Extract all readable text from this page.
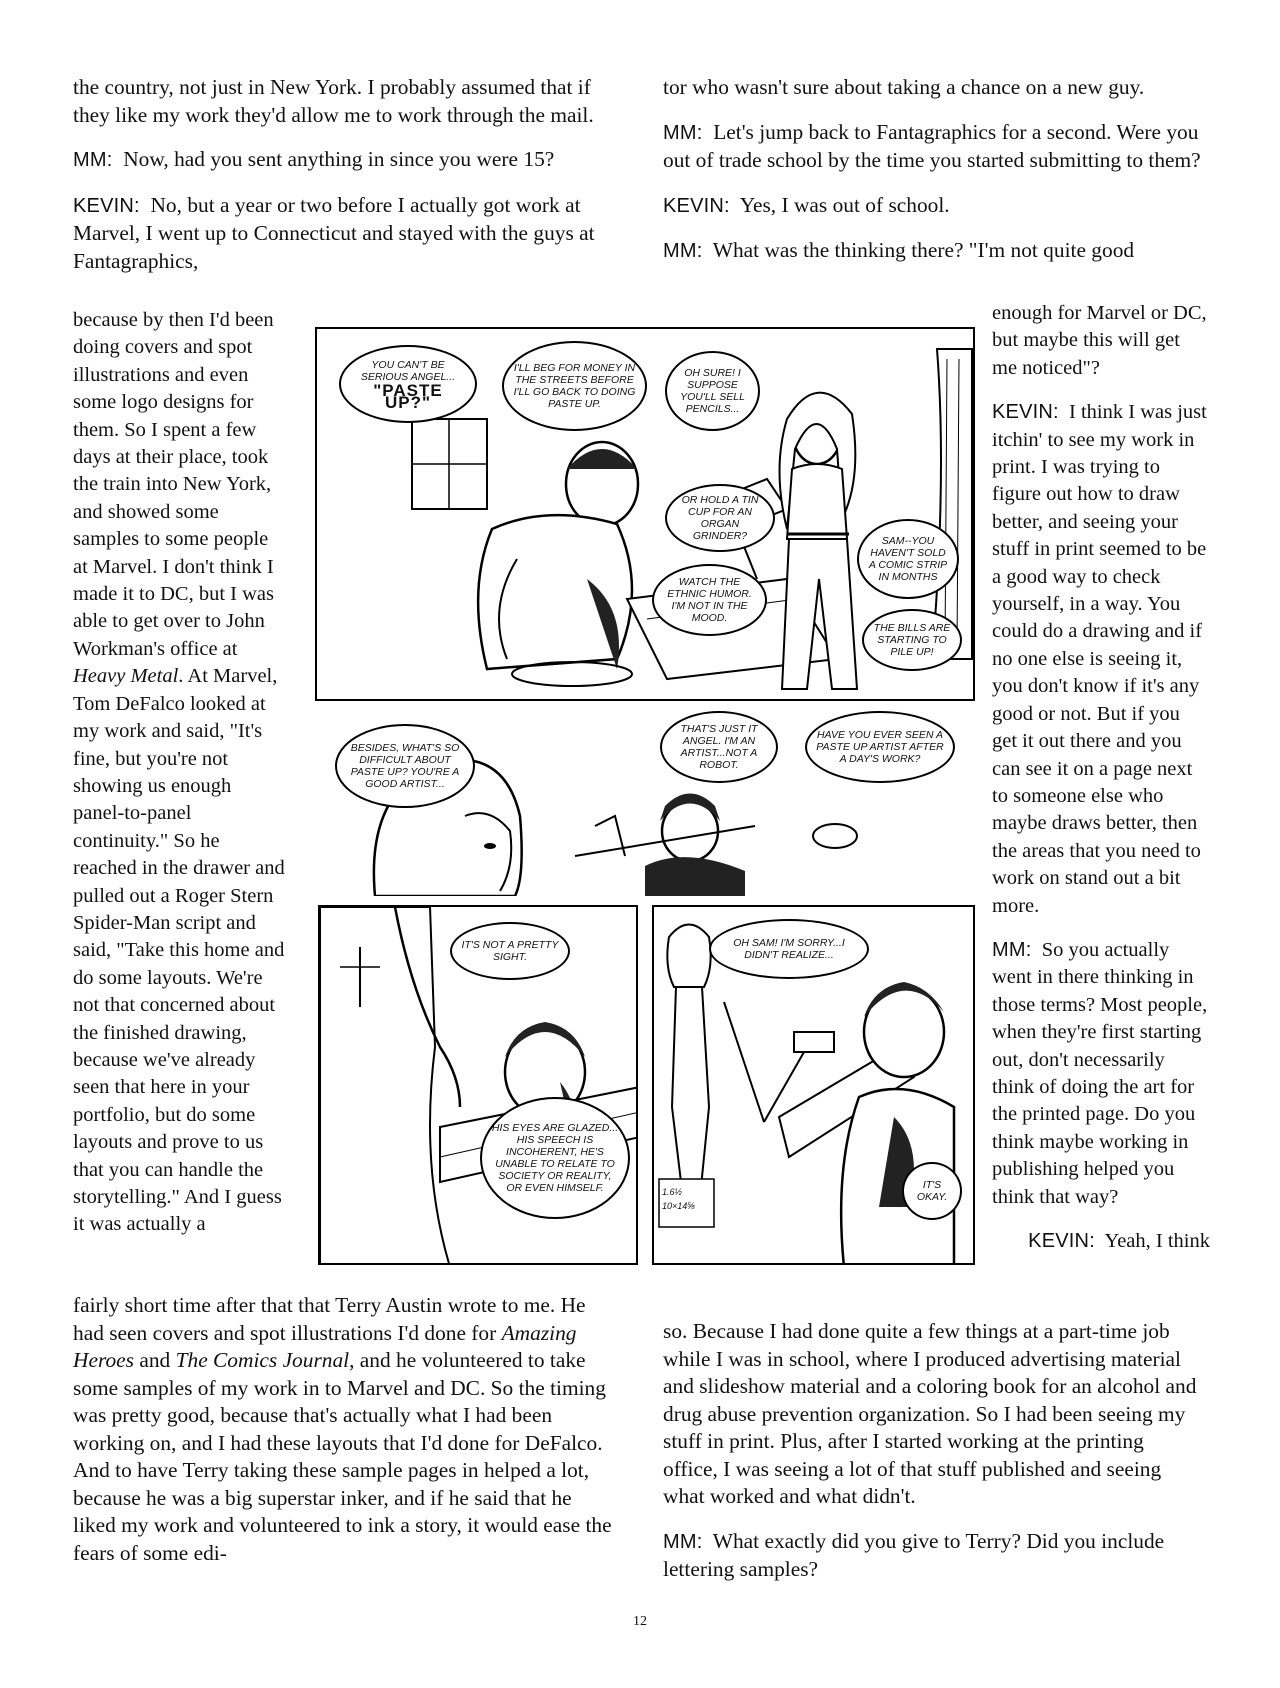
the country, not just in New York. I probably assumed that if they like my work they'd allow me to work through the mail.

MM: Now, had you sent anything in since you were 15?

KEVIN: No, but a year or two before I actually got work at Marvel, I went up to Connecticut and stayed with the guys at Fantagraphics,

because by then I'd been doing covers and spot illustrations and even some logo designs for them. So I spent a few days at their place, took the train into New York, and showed some samples to some people at Marvel. I don't think I made it to DC, but I was able to get over to John Workman's office at Heavy Metal. At Marvel, Tom DeFalco looked at my work and said, "It's fine, but you're not showing us enough panel-to-panel continuity." So he reached in the drawer and pulled out a Roger Stern Spider-Man script and said, "Take this home and do some layouts. We're not that concerned about the finished drawing, because we've already seen that here in your portfolio, but do some layouts and prove to us that you can handle the storytelling." And I guess it was actually a
fairly short time after that that Terry Austin wrote to me. He had seen covers and spot illustrations I'd done for Amazing Heroes and The Comics Journal, and he volunteered to take some samples of my work in to Marvel and DC. So the timing was pretty good, because that's actually what I had been working on, and I had these layouts that I'd done for DeFalco. And to have Terry taking these sample pages in helped a lot, because he was a big superstar inker, and if he said that he liked my work and volunteered to ink a story, it would ease the fears of some edi-

tor who wasn't sure about taking a chance on a new guy.

MM: Let's jump back to Fantagraphics for a second. Were you out of trade school by the time you started submitting to them?

KEVIN: Yes, I was out of school.

MM: What was the thinking there? "I'm not quite good

enough for Marvel or DC, but maybe this will get me noticed"?

KEVIN: I think I was just itchin' to see my work in print. I was trying to figure out how to draw better, and seeing your stuff in print seemed to be a good way to check yourself, in a way. You could do a drawing and if no one else is seeing it, you don't know if it's any good or not. But if you get it out there and you can see it on a page next to someone else who maybe draws better, then the areas that you need to work on stand out a bit more.

MM: So you actually went in there thinking in those terms? Most people, when they're first starting out, don't necessarily think of doing the art for the printed page. Do you think maybe working in publishing helped you think that way?

KEVIN: Yeah, I think

so. Because I had done quite a few things at a part-time job while I was in school, where I produced advertising material and slideshow material and a coloring book for an alcohol and drug abuse prevention organization. So I had been seeing my stuff in print. Plus, after I started working at the printing office, I was seeing a lot of that stuff published and seeing what worked and what didn't.

MM: What exactly did you give to Terry? Did you include lettering samples?

YOU CAN'T BE SERIOUS ANGEL...
"PASTE UP?"
I'LL BEG FOR MONEY IN THE STREETS BEFORE I'LL GO BACK TO DOING PASTE UP.
OH SURE! I SUPPOSE YOU'LL SELL PENCILS...
OR HOLD A TIN CUP FOR AN ORGAN GRINDER?
WATCH THE ETHNIC HUMOR. I'M NOT IN THE MOOD.
SAM--YOU HAVEN'T SOLD A COMIC STRIP IN MONTHS
THE BILLS ARE STARTING TO PILE UP!
BESIDES, WHAT'S SO DIFFICULT ABOUT PASTE UP? YOU'RE A GOOD ARTIST...
THAT'S JUST IT ANGEL. I'M AN ARTIST...NOT A ROBOT.
HAVE YOU EVER SEEN A PASTE UP ARTIST AFTER A DAY'S WORK?
IT'S NOT A PRETTY SIGHT.
HIS EYES ARE GLAZED... HIS SPEECH IS INCOHERENT, HE'S UNABLE TO RELATE TO SOCIETY OR REALITY, OR EVEN HIMSELF.
OH SAM! I'M SORRY...I DIDN'T REALIZE...
IT'S OKAY.
1.6½ 10×14⅝
12
